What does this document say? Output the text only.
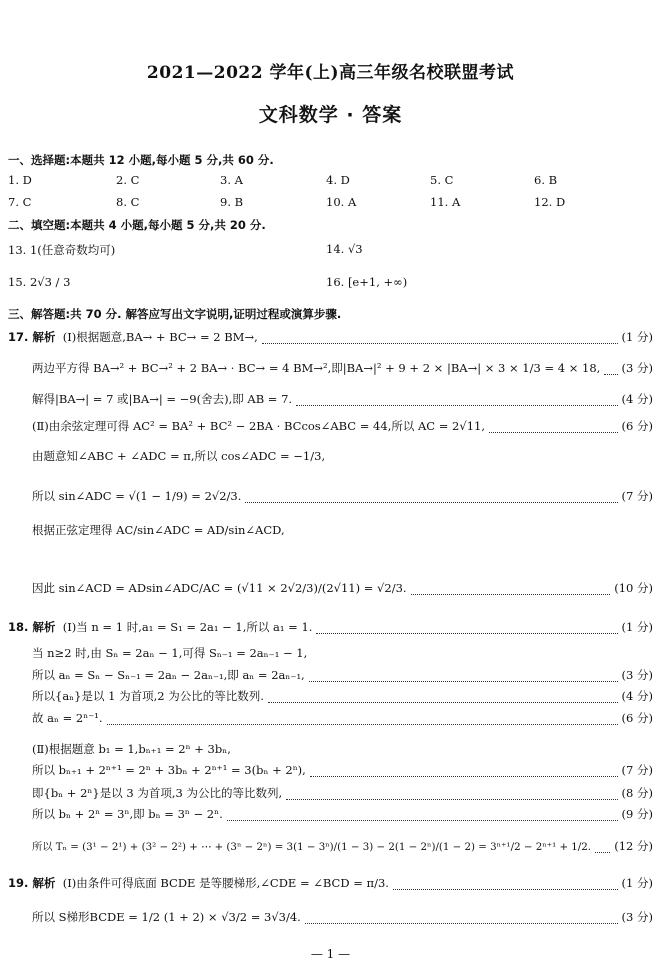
2021—2022 学年(上)高三年级名校联盟考试
文科数学 · 答案
一、选择题:本题共 12 小题,每小题 5 分,共 60 分.
1. D	2. C	3. A	4. D	5. C	6. B
7. C	8. C	9. B	10. A	11. A	12. D
二、填空题:本题共 4 小题,每小题 5 分,共 20 分.
13. 1(任意奇数均可)	14. √3
15. 2√3 / 3	16. [e+1, +∞)
三、解答题:共 70 分. 解答应写出文字说明,证明过程或演算步骤.
17. 解析 (Ⅰ)根据题意,BA→ + BC→ = 2 BM→,	(1 分)
两边平方得 BA→² + BC→² + 2 BA→ · BC→ = 4 BM→²,即|BA→|² + 9 + 2 × |BA→| × 3 × 1/3 = 4 × 18, (3 分)
解得|BA→| = 7 或|BA→| = −9(舍去),即 AB = 7.	(4 分)
(Ⅱ)由余弦定理可得 AC² = BA² + BC² − 2BA · BCcos∠ABC = 44,所以 AC = 2√11,	(6 分)
由题意知∠ABC + ∠ADC = π,所以 cos∠ADC = −1/3,
所以 sin∠ADC = √(1 − 1/9) = 2√2/3.	(7 分)
根据正弦定理得 AC/sin∠ADC = AD/sin∠ACD,
因此 sin∠ACD = ADsin∠ADC/AC = (√11 × 2√2/3)/(2√11) = √2/3.	(10 分)
18. 解析 (Ⅰ)当 n = 1 时,a₁ = S₁ = 2a₁ − 1,所以 a₁ = 1.	(1 分)
当 n≥2 时,由 Sₙ = 2aₙ − 1,可得 Sₙ₋₁ = 2aₙ₋₁ − 1,
所以 aₙ = Sₙ − Sₙ₋₁ = 2aₙ − 2aₙ₋₁,即 aₙ = 2aₙ₋₁,	(3 分)
所以{aₙ}是以 1 为首项,2 为公比的等比数列.	(4 分)
故 aₙ = 2ⁿ⁻¹.	(6 分)
(Ⅱ)根据题意 b₁ = 1,bₙ₊₁ = 2ⁿ + 3bₙ,
所以 bₙ₊₁ + 2ⁿ⁺¹ = 2ⁿ + 3bₙ + 2ⁿ⁺¹ = 3(bₙ + 2ⁿ),	(7 分)
即{bₙ + 2ⁿ}是以 3 为首项,3 为公比的等比数列,	(8 分)
所以 bₙ + 2ⁿ = 3ⁿ,即 bₙ = 3ⁿ − 2ⁿ.	(9 分)
所以 Tₙ = (3¹ − 2¹) + (3² − 2²) + ⋯ + (3ⁿ − 2ⁿ) = 3(1 − 3ⁿ)/(1 − 3) − 2(1 − 2ⁿ)/(1 − 2) = 3ⁿ⁺¹/2 − 2ⁿ⁺¹ + 1/2. (12 分)
19. 解析 (Ⅰ)由条件可得底面 BCDE 是等腰梯形,∠CDE = ∠BCD = π/3.	(1 分)
所以 S梯形BCDE = 1/2 (1 + 2) × √3/2 = 3√3/4.	(3 分)
— 1 —
